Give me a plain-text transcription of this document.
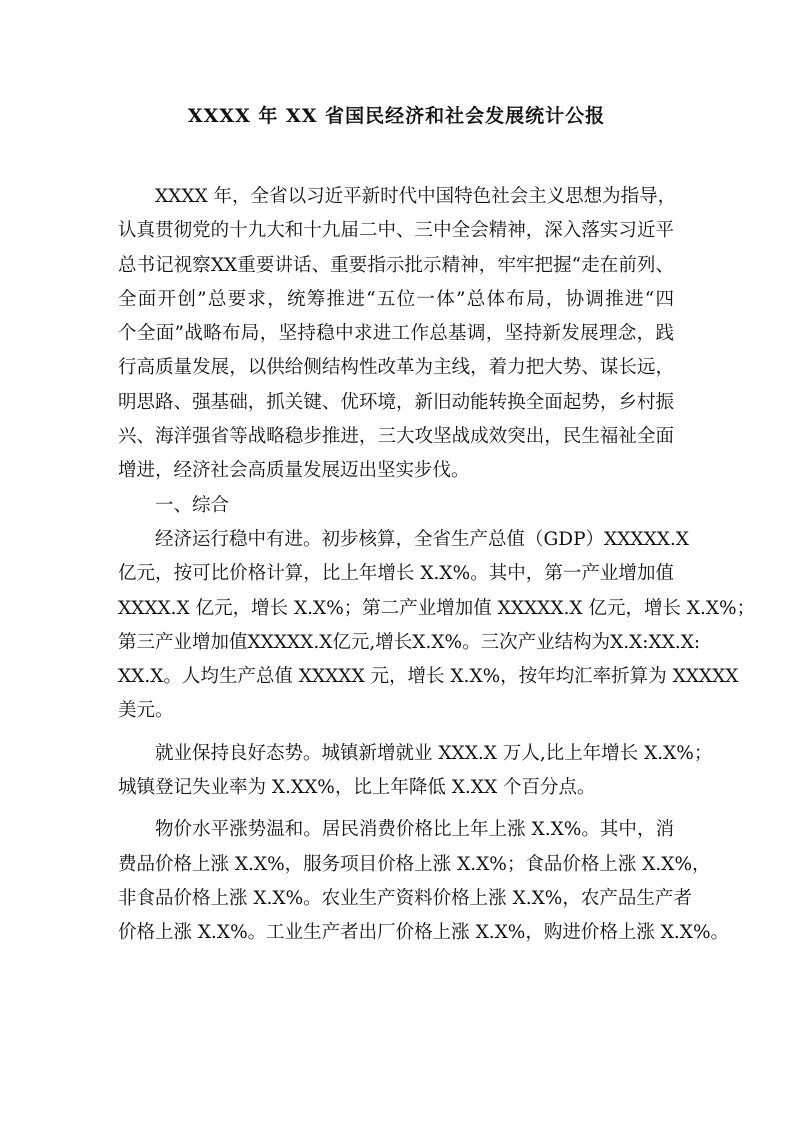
XXXX 年 XX 省国民经济和社会发展统计公报
XXXX 年，全省以习近平新时代中国特色社会主义思想为指导，
认真贯彻党的十九大和十九届二中、三中全会精神，深入落实习近平
总书记视察XX重要讲话、重要指示批示精神，牢牢把握“走在前列、
全面开创”总要求，统筹推进“五位一体”总体布局，协调推进“四
个全面”战略布局，坚持稳中求进工作总基调，坚持新发展理念，践
行高质量发展，以供给侧结构性改革为主线，着力把大势、谋长远，
明思路、强基础，抓关键、优环境，新旧动能转换全面起势，乡村振
兴、海洋强省等战略稳步推进，三大攻坚战成效突出，民生福祉全面
增进，经济社会高质量发展迈出坚实步伐。
一、综合
经济运行稳中有进。初步核算，全省生产总值（GDP）XXXXX.X
亿元，按可比价格计算，比上年增长 X.X%。其中，第一产业增加值
XXXX.X 亿元，增长 X.X%；第二产业增加值 XXXXX.X 亿元，增长 X.X%；
第三产业增加值XXXXX.X亿元,增长X.X%。三次产业结构为X.X:XX.X:
XX.X。人均生产总值 XXXXX 元，增长 X.X%，按年均汇率折算为 XXXXX
美元。
就业保持良好态势。城镇新增就业 XXX.X 万人,比上年增长 X.X%；
城镇登记失业率为 X.XX%，比上年降低 X.XX 个百分点。
物价水平涨势温和。居民消费价格比上年上涨 X.X%。其中，消
费品价格上涨 X.X%，服务项目价格上涨 X.X%；食品价格上涨 X.X%，
非食品价格上涨 X.X%。农业生产资料价格上涨 X.X%，农产品生产者
价格上涨 X.X%。工业生产者出厂价格上涨 X.X%，购进价格上涨 X.X%。
